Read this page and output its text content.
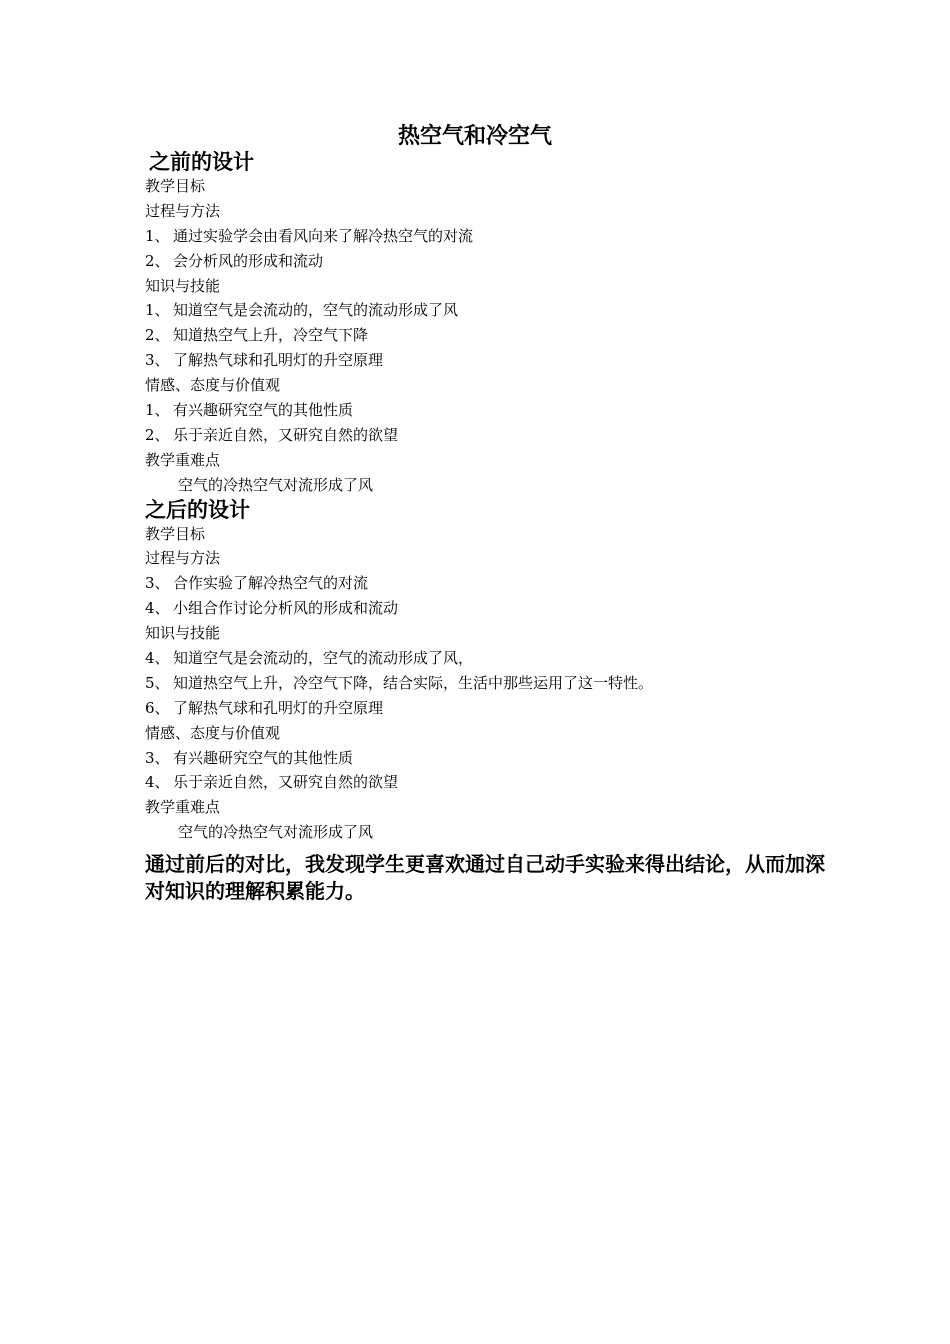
热空气和冷空气
之前的设计
教学目标
过程与方法
1、 通过实验学会由看风向来了解冷热空气的对流
2、 会分析风的形成和流动
知识与技能
1、 知道空气是会流动的，空气的流动形成了风
2、 知道热空气上升，冷空气下降
3、 了解热气球和孔明灯的升空原理
情感、态度与价值观
1、 有兴趣研究空气的其他性质
2、 乐于亲近自然，又研究自然的欲望
教学重难点
空气的冷热空气对流形成了风
之后的设计
教学目标
过程与方法
3、 合作实验了解冷热空气的对流
4、 小组合作讨论分析风的形成和流动
知识与技能
4、 知道空气是会流动的，空气的流动形成了风，
5、 知道热空气上升，冷空气下降，结合实际，生活中那些运用了这一特性。
6、 了解热气球和孔明灯的升空原理
情感、态度与价值观
3、 有兴趣研究空气的其他性质
4、 乐于亲近自然，又研究自然的欲望
教学重难点
空气的冷热空气对流形成了风
通过前后的对比，我发现学生更喜欢通过自己动手实验来得出结论，从而加深对知识的理解积累能力。
